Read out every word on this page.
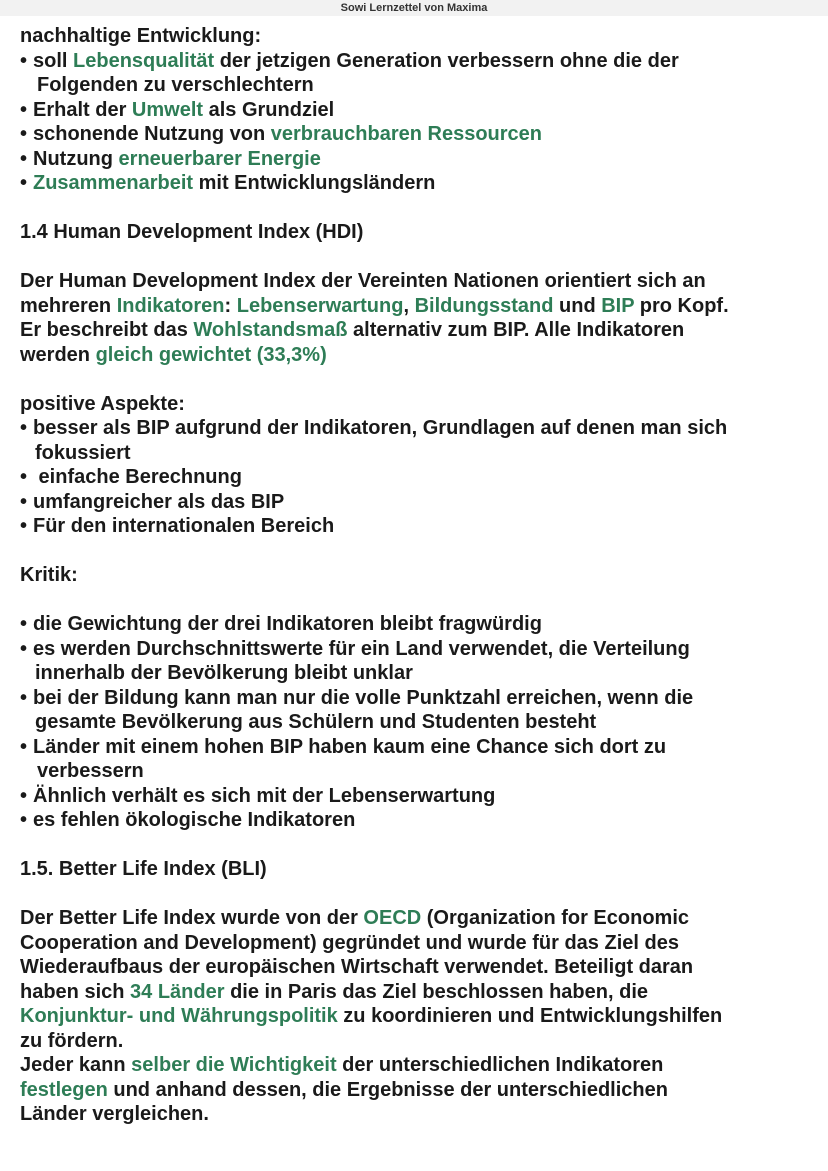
Sowi Lernzettel von Maxima
nachhaltige Entwicklung:
• soll Lebensqualität der jetzigen Generation verbessern ohne die der
Folgenden zu verschlechtern
• Erhalt der Umwelt als Grundziel
• schonende Nutzung von verbrauchbaren Ressourcen
• Nutzung erneuerbarer Energie
• Zusammenarbeit mit Entwicklungsländern
1.4 Human Development Index (HDI)
Der Human Development Index der Vereinten Nationen orientiert sich an
mehreren Indikatoren: Lebenserwartung, Bildungsstand und BIP pro Kopf.
Er beschreibt das Wohlstandsmaß alternativ zum BIP. Alle Indikatoren
werden gleich gewichtet (33,3%)
positive Aspekte:
• besser als BIP aufgrund der Indikatoren, Grundlagen auf denen man sich
fokussiert
• einfache Berechnung
• umfangreicher als das BIP
• Für den internationalen Bereich
Kritik:
• die Gewichtung der drei Indikatoren bleibt fragwürdig
• es werden Durchschnittswerte für ein Land verwendet, die Verteilung
innerhalb der Bevölkerung bleibt unklar
• bei der Bildung kann man nur die volle Punktzahl erreichen, wenn die
gesamte Bevölkerung aus Schülern und Studenten besteht
• Länder mit einem hohen BIP haben kaum eine Chance sich dort zu
verbessern
• Ähnlich verhält es sich mit der Lebenserwartung
• es fehlen ökologische Indikatoren
1.5. Better Life Index (BLI)
Der Better Life Index wurde von der OECD (Organization for Economic
Cooperation and Development) gegründet und wurde für das Ziel des
Wiederaufbaus der europäischen Wirtschaft verwendet. Beteiligt daran
haben sich 34 Länder die in Paris das Ziel beschlossen haben, die
Konjunktur- und Währungspolitik zu koordinieren und Entwicklungshilfen
zu fördern.
Jeder kann selber die Wichtigkeit der unterschiedlichen Indikatoren
festlegen und anhand dessen, die Ergebnisse der unterschiedlichen
Länder vergleichen.
